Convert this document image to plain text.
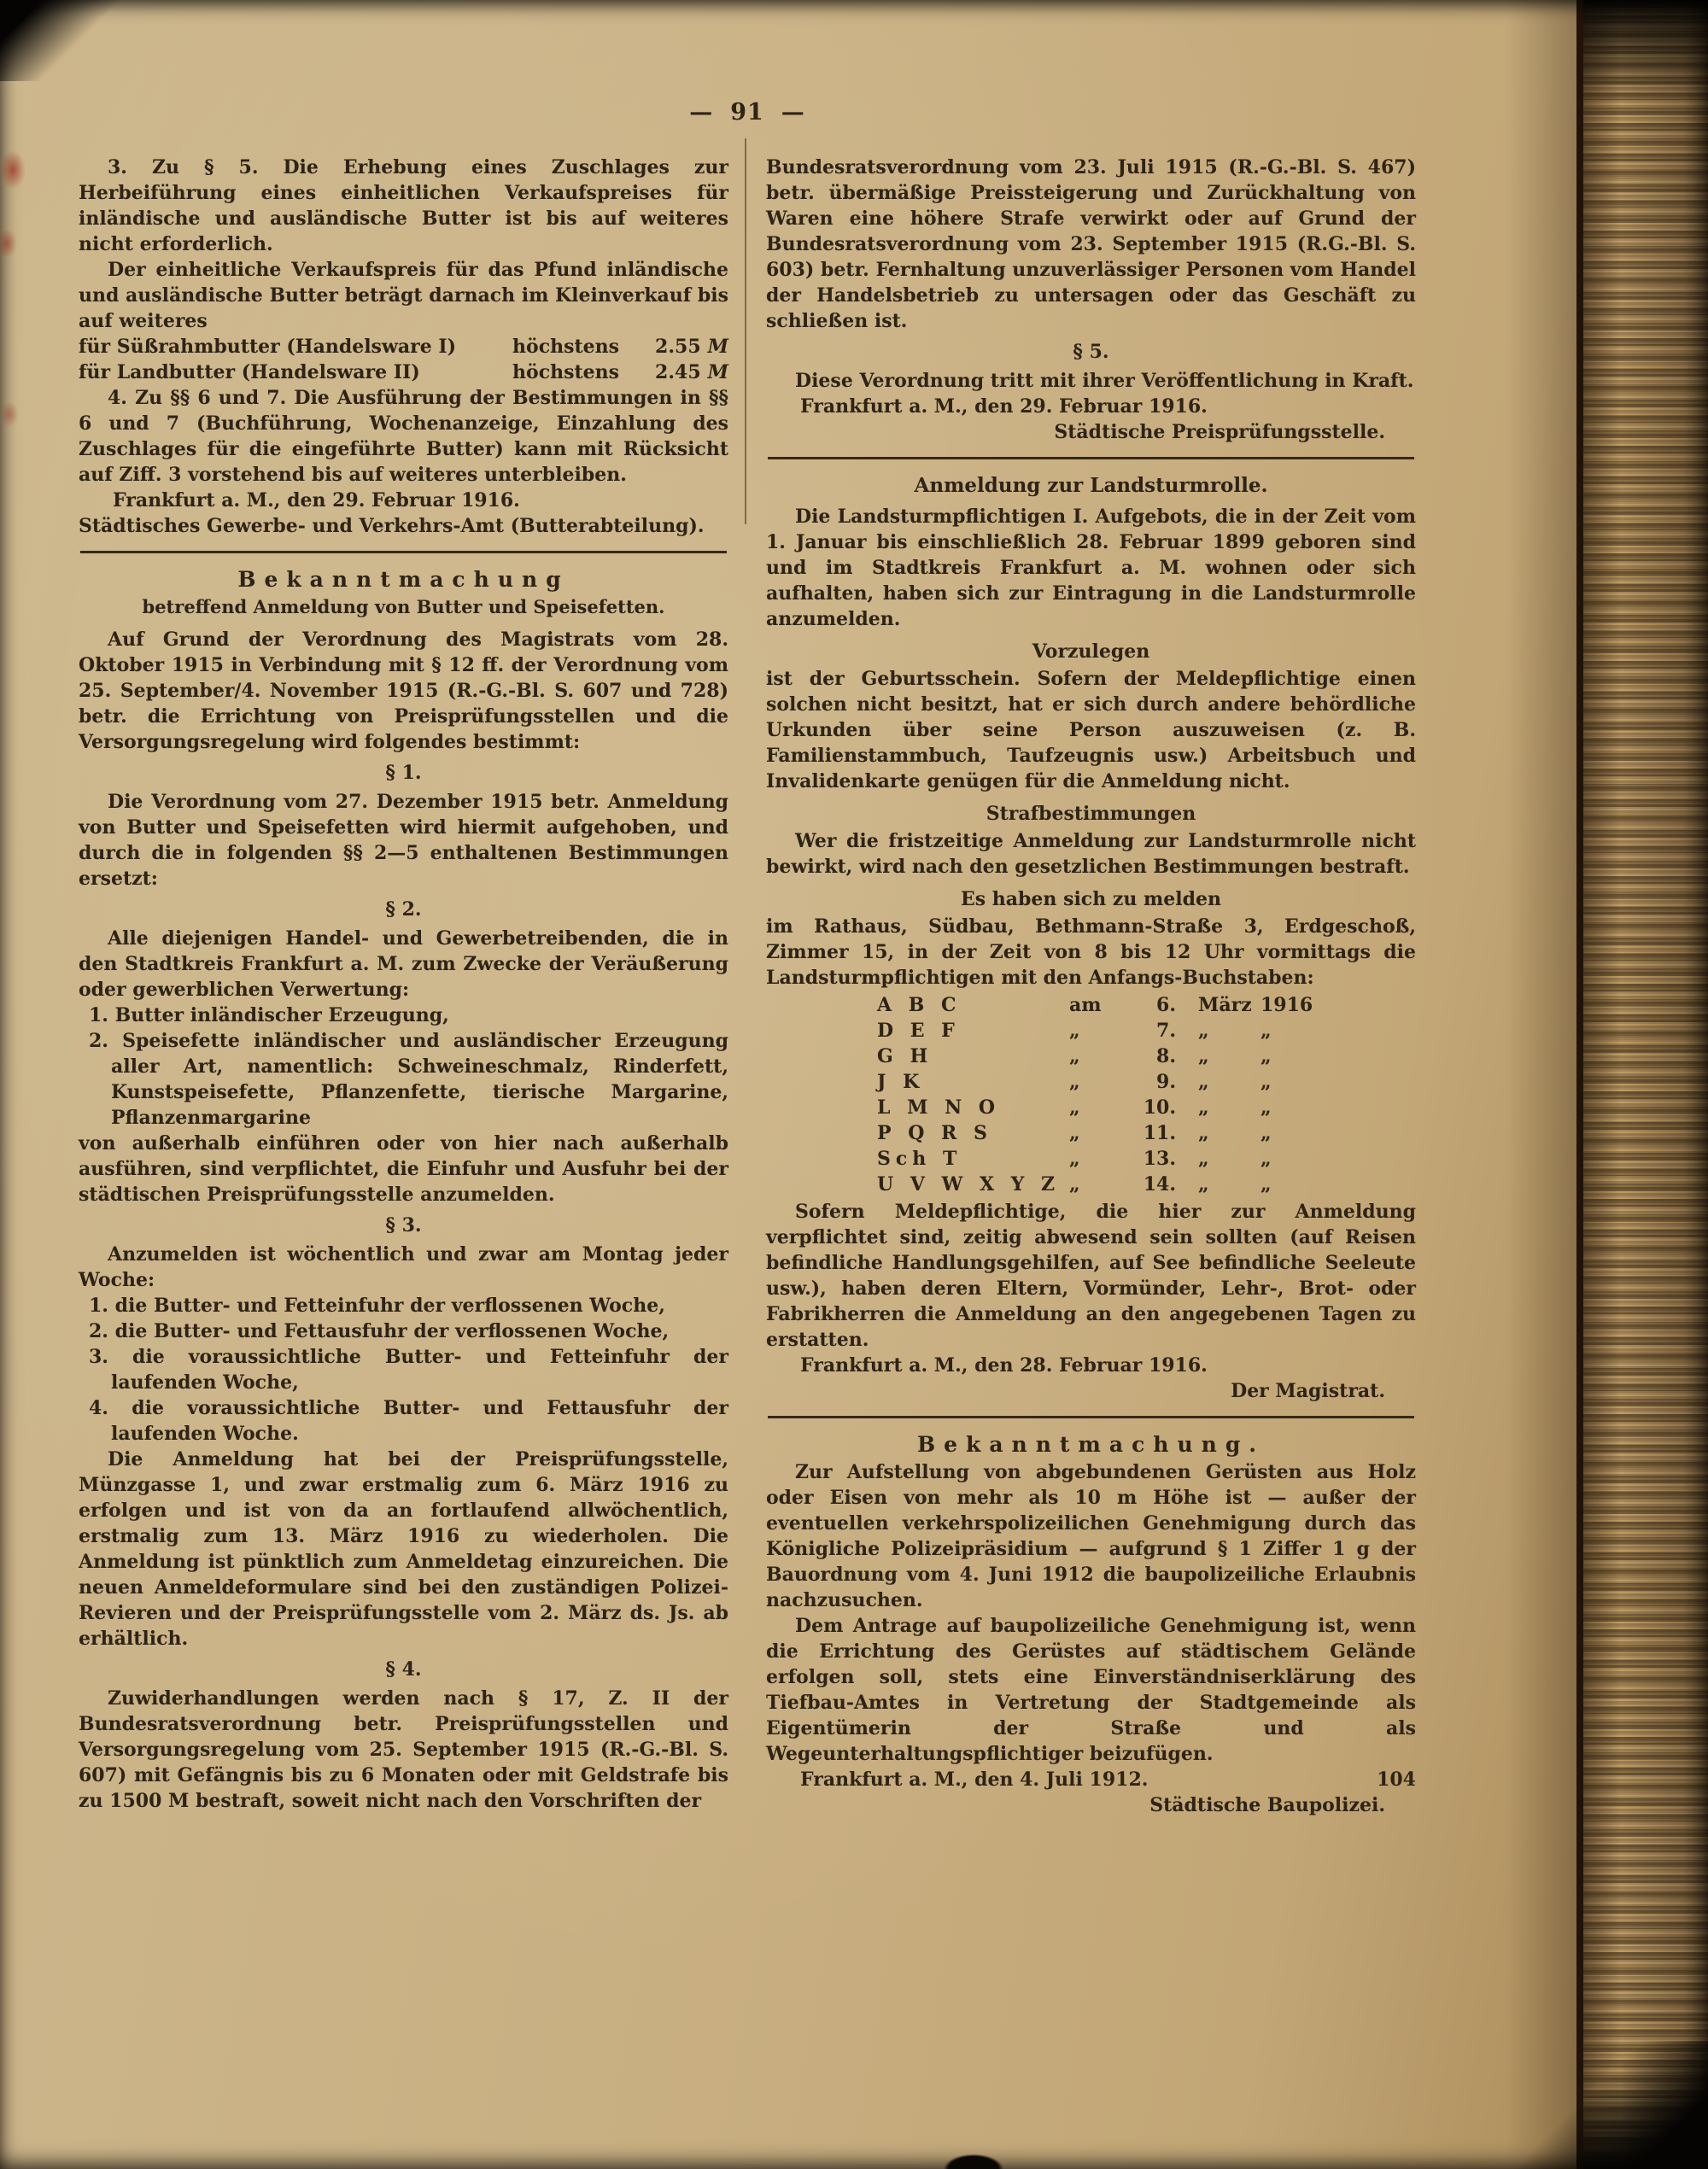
— 91 —

3. Zu § 5. Die Erhebung eines Zuschlages zur Herbeiführung eines einheitlichen Verkaufspreises für inländische und ausländische Butter ist bis auf weiteres nicht erforderlich.

Der einheitliche Verkaufspreis für das Pfund inländische und ausländische Butter beträgt darnach im Kleinverkauf bis auf weiteres

für Süßrahmbutter (Handelsware I)	höchstens	2.55 M
für Landbutter (Handelsware II)	höchstens	2.45 M

4. Zu §§ 6 und 7. Die Ausführung der Bestimmungen in §§ 6 und 7 (Buchführung, Wochenanzeige, Einzahlung des Zuschlages für die eingeführte Butter) kann mit Rücksicht auf Ziff. 3 vorstehend bis auf weiteres unterbleiben.

Frankfurt a. M., den 29. Februar 1916.

Städtisches Gewerbe- und Verkehrs-Amt (Butterabteilung).

Bekanntmachung
betreffend Anmeldung von Butter und Speisefetten.

Auf Grund der Verordnung des Magistrats vom 28. Oktober 1915 in Verbindung mit § 12 ff. der Verordnung vom 25. September/4. November 1915 (R.-G.-Bl. S. 607 und 728) betr. die Errichtung von Preisprüfungsstellen und die Versorgungsregelung wird folgendes bestimmt:

§ 1.

Die Verordnung vom 27. Dezember 1915 betr. Anmeldung von Butter und Speisefetten wird hiermit aufgehoben, und durch die in folgenden §§ 2—5 enthaltenen Bestimmungen ersetzt:

§ 2.

Alle diejenigen Handel- und Gewerbetreibenden, die in den Stadtkreis Frankfurt a. M. zum Zwecke der Veräußerung oder gewerblichen Verwertung:

1. Butter inländischer Erzeugung,

2. Speisefette inländischer und ausländischer Erzeugung aller Art, namentlich: Schweineschmalz, Rinderfett, Kunstspeisefette, Pflanzenfette, tierische Margarine, Pflanzenmargarine

von außerhalb einführen oder von hier nach außerhalb ausführen, sind verpflichtet, die Einfuhr und Ausfuhr bei der städtischen Preisprüfungsstelle anzumelden.

§ 3.

Anzumelden ist wöchentlich und zwar am Montag jeder Woche:

1. die Butter- und Fetteinfuhr der verflossenen Woche,

2. die Butter- und Fettausfuhr der verflossenen Woche,

3. die voraussichtliche Butter- und Fetteinfuhr der laufenden Woche,

4. die voraussichtliche Butter- und Fettausfuhr der laufenden Woche.

Die Anmeldung hat bei der Preisprüfungsstelle, Münzgasse 1, und zwar erstmalig zum 6. März 1916 zu erfolgen und ist von da an fortlaufend allwöchentlich, erstmalig zum 13. März 1916 zu wiederholen. Die Anmeldung ist pünktlich zum Anmeldetag einzureichen. Die neuen Anmeldeformulare sind bei den zuständigen Polizei-Revieren und der Preisprüfungsstelle vom 2. März ds. Js. ab erhältlich.

§ 4.

Zuwiderhandlungen werden nach § 17, Z. II der Bundesratsverordnung betr. Preisprüfungsstellen und Versorgungsregelung vom 25. September 1915 (R.-G.-Bl. S. 607) mit Gefängnis bis zu 6 Monaten oder mit Geldstrafe bis zu 1500 M bestraft, soweit nicht nach den Vorschriften der

Bundesratsverordnung vom 23. Juli 1915 (R.-G.-Bl. S. 467) betr. übermäßige Preissteigerung und Zurückhaltung von Waren eine höhere Strafe verwirkt oder auf Grund der Bundesratsverordnung vom 23. September 1915 (R.G.-Bl. S. 603) betr. Fernhaltung unzuverlässiger Personen vom Handel der Handelsbetrieb zu untersagen oder das Geschäft zu schließen ist.

§ 5.

Diese Verordnung tritt mit ihrer Veröffentlichung in Kraft.

Frankfurt a. M., den 29. Februar 1916.

Städtische Preisprüfungsstelle.

Anmeldung zur Landsturmrolle.

Die Landsturmpflichtigen I. Aufgebots, die in der Zeit vom 1. Januar bis einschließlich 28. Februar 1899 geboren sind und im Stadtkreis Frankfurt a. M. wohnen oder sich aufhalten, haben sich zur Eintragung in die Landsturmrolle anzumelden.

Vorzulegen

ist der Geburtsschein. Sofern der Meldepflichtige einen solchen nicht besitzt, hat er sich durch andere behördliche Urkunden über seine Person auszuweisen (z. B. Familienstammbuch, Taufzeugnis usw.) Arbeitsbuch und Invalidenkarte genügen für die Anmeldung nicht.

Strafbestimmungen

Wer die fristzeitige Anmeldung zur Landsturmrolle nicht bewirkt, wird nach den gesetzlichen Bestimmungen bestraft.

Es haben sich zu melden

im Rathaus, Südbau, Bethmann-Straße 3, Erdgeschoß, Zimmer 15, in der Zeit von 8 bis 12 Uhr vormittags die Landsturmpflichtigen mit den Anfangs-Buchstaben:

A B C	am	6.	März 1916
D E F	„	7.	„	„
G H	„	8.	„	„
J K	„	9.	„	„
L M N O	„	10.	„	„
P Q R S	„	11.	„	„
Sch T	„	13.	„	„
U V W X Y Z „	14.	„	„

Sofern Meldepflichtige, die hier zur Anmeldung verpflichtet sind, zeitig abwesend sein sollten (auf Reisen befindliche Handlungsgehilfen, auf See befindliche Seeleute usw.), haben deren Eltern, Vormünder, Lehr-, Brot- oder Fabrikherren die Anmeldung an den angegebenen Tagen zu erstatten.

Frankfurt a. M., den 28. Februar 1916.

Der Magistrat.

Bekanntmachung.

Zur Aufstellung von abgebundenen Gerüsten aus Holz oder Eisen von mehr als 10 m Höhe ist — außer der eventuellen verkehrspolizeilichen Genehmigung durch das Königliche Polizeipräsidium — aufgrund § 1 Ziffer 1 g der Bauordnung vom 4. Juni 1912 die baupolizeiliche Erlaubnis nachzusuchen.

Dem Antrage auf baupolizeiliche Genehmigung ist, wenn die Errichtung des Gerüstes auf städtischem Gelände erfolgen soll, stets eine Einverständniserklärung des Tiefbau-Amtes in Vertretung der Stadtgemeinde als Eigentümerin der Straße und als Wegeunterhaltungspflichtiger beizufügen.

Frankfurt a. M., den 4. Juli 1912.	104

Städtische Baupolizei.
